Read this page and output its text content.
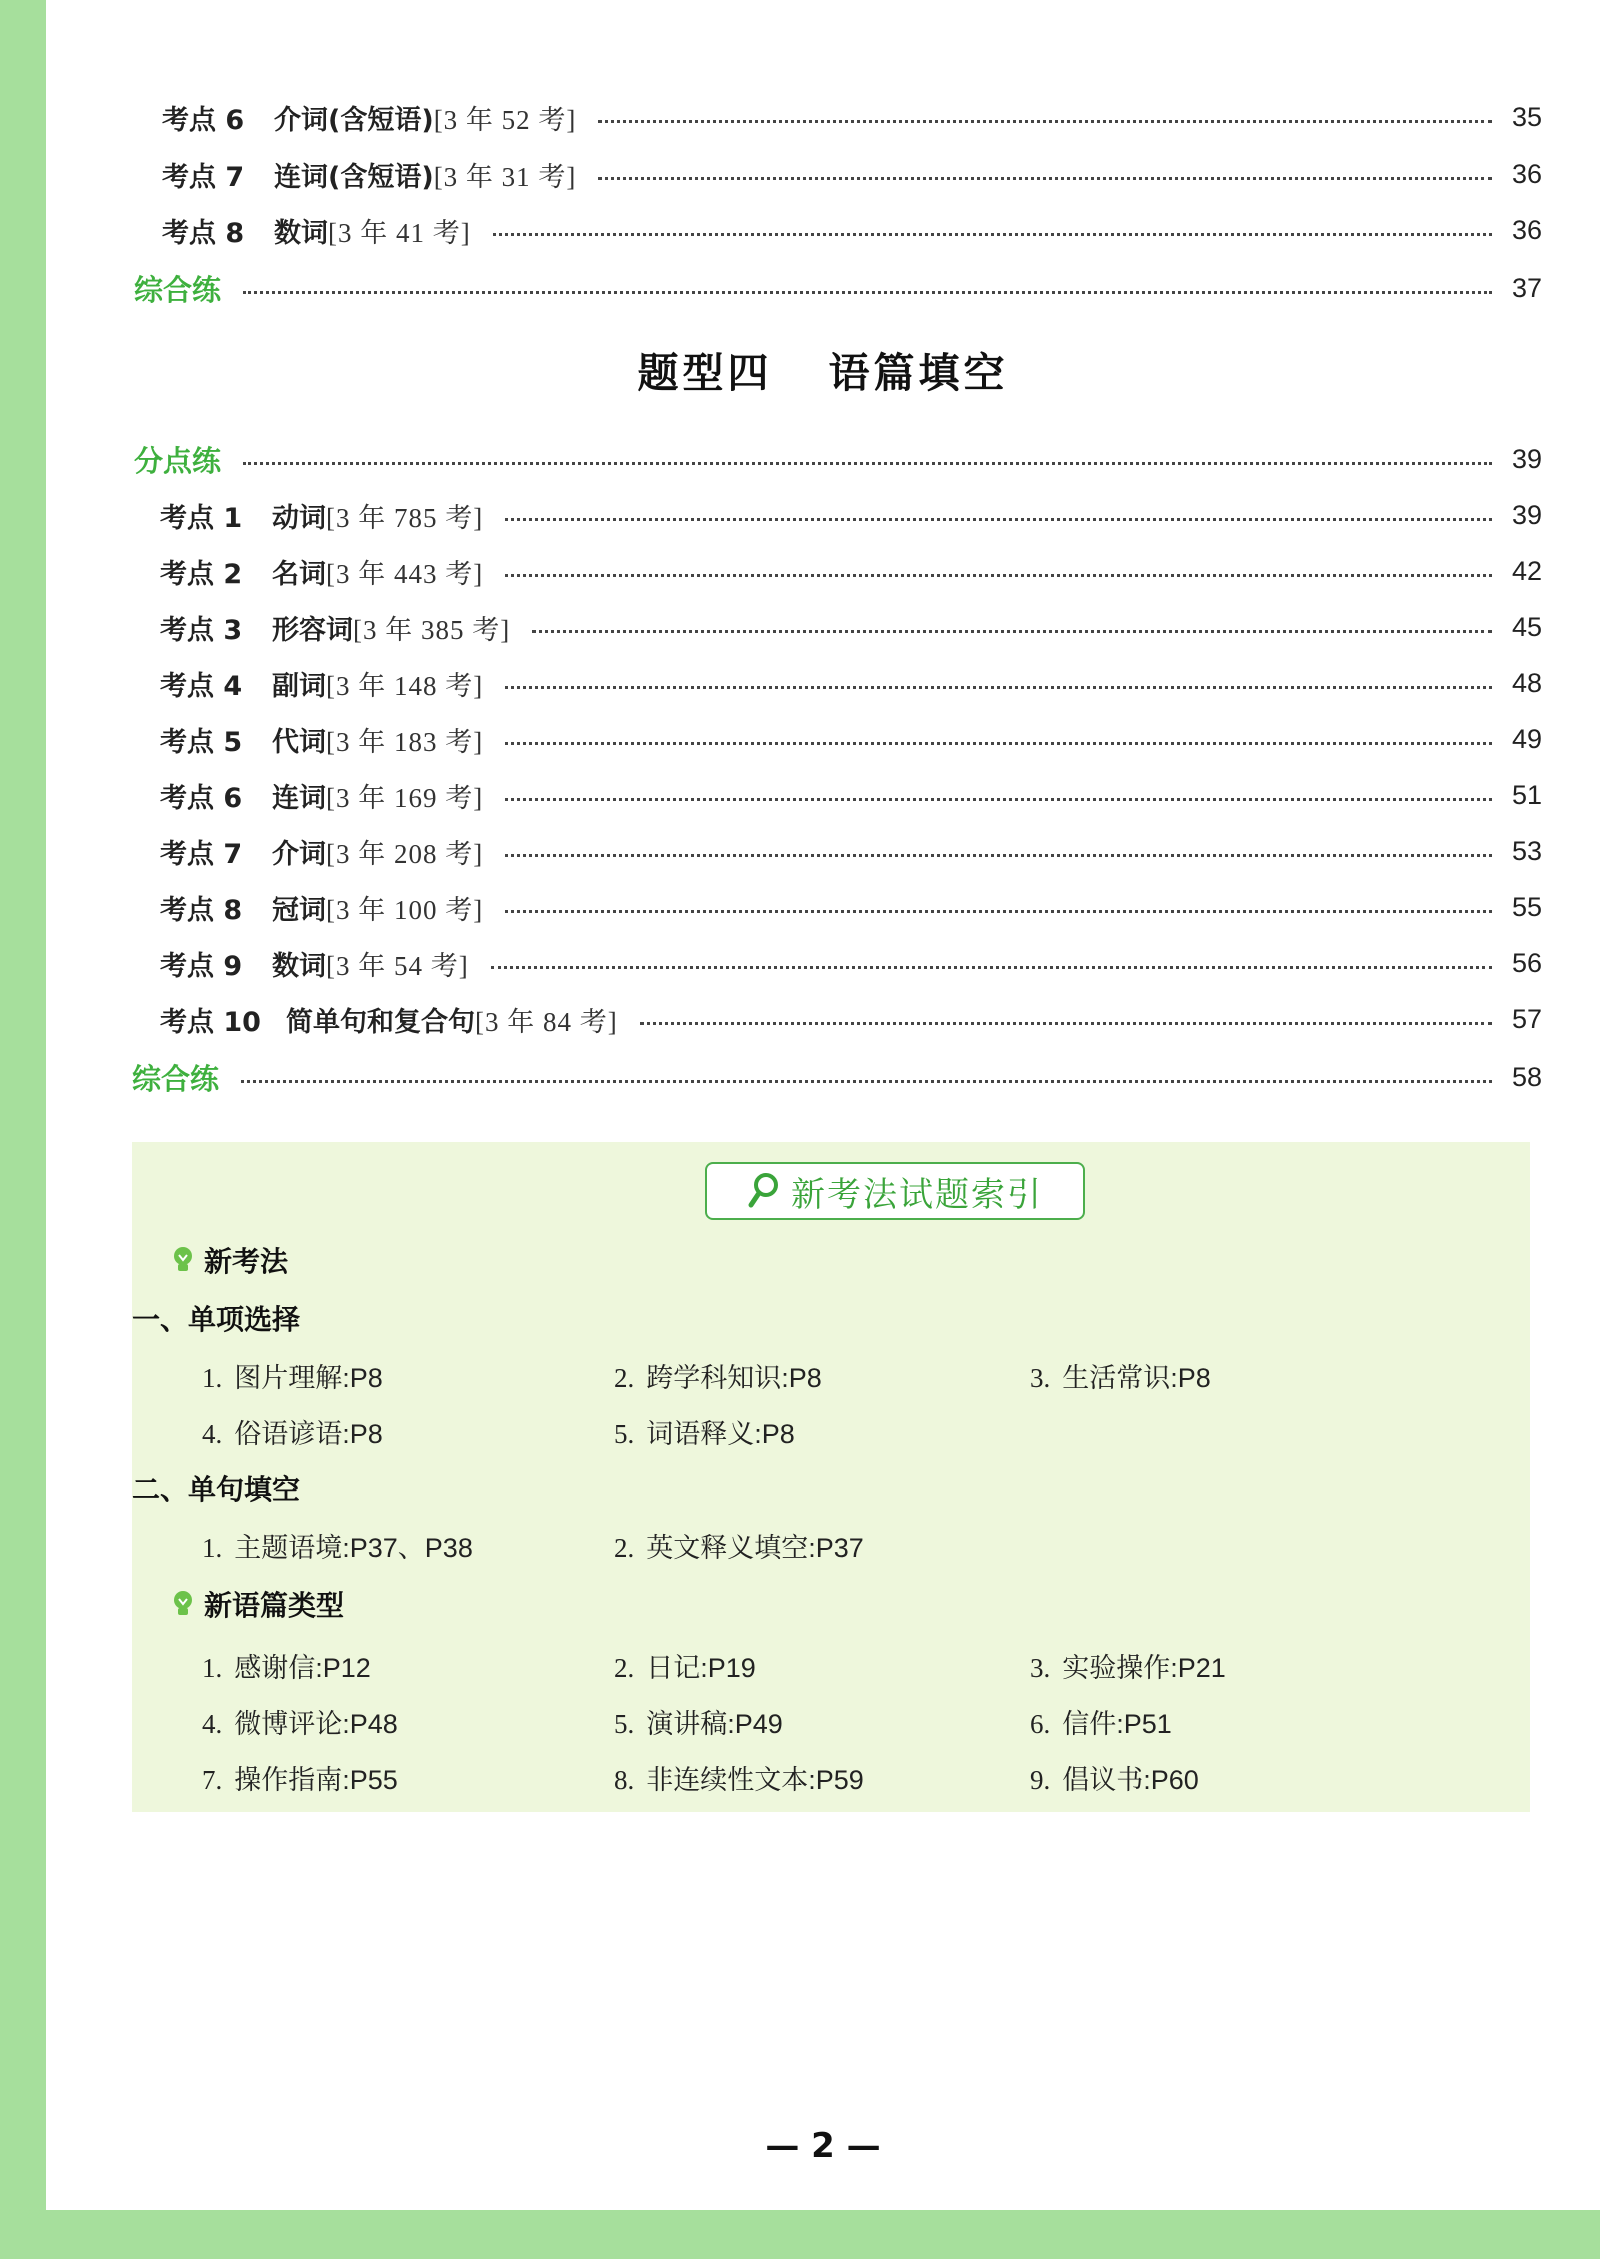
考点 6	介词(含短语) [3 年 52 考]	35
考点 7	连词(含短语) [3 年 31 考]	36
考点 8	数词 [3 年 41 考]	36
综合练	37
题型四 语篇填空
分点练	39
考点 1	动词 [3 年 785 考]	39
考点 2	名词 [3 年 443 考]	42
考点 3	形容词 [3 年 385 考]	45
考点 4	副词 [3 年 148 考]	48
考点 5	代词 [3 年 183 考]	49
考点 6	连词 [3 年 169 考]	51
考点 7	介词 [3 年 208 考]	53
考点 8	冠词 [3 年 100 考]	55
考点 9	数词 [3 年 54 考]	56
考点 10 简单句和复合句 [3 年 84 考]	57
综合练	58
新考法试题索引
新考法
一、单项选择
1. 图片理解:P8	2. 跨学科知识:P8	3. 生活常识:P8
4. 俗语谚语:P8	5. 词语释义:P8
二、单句填空
1. 主题语境:P37、P38	2. 英文释义填空:P37
新语篇类型
1. 感谢信:P12	2. 日记:P19	3. 实验操作:P21
4. 微博评论:P48	5. 演讲稿:P49	6. 信件:P51
7. 操作指南:P55	8. 非连续性文本:P59	9. 倡议书:P60
— 2 —
